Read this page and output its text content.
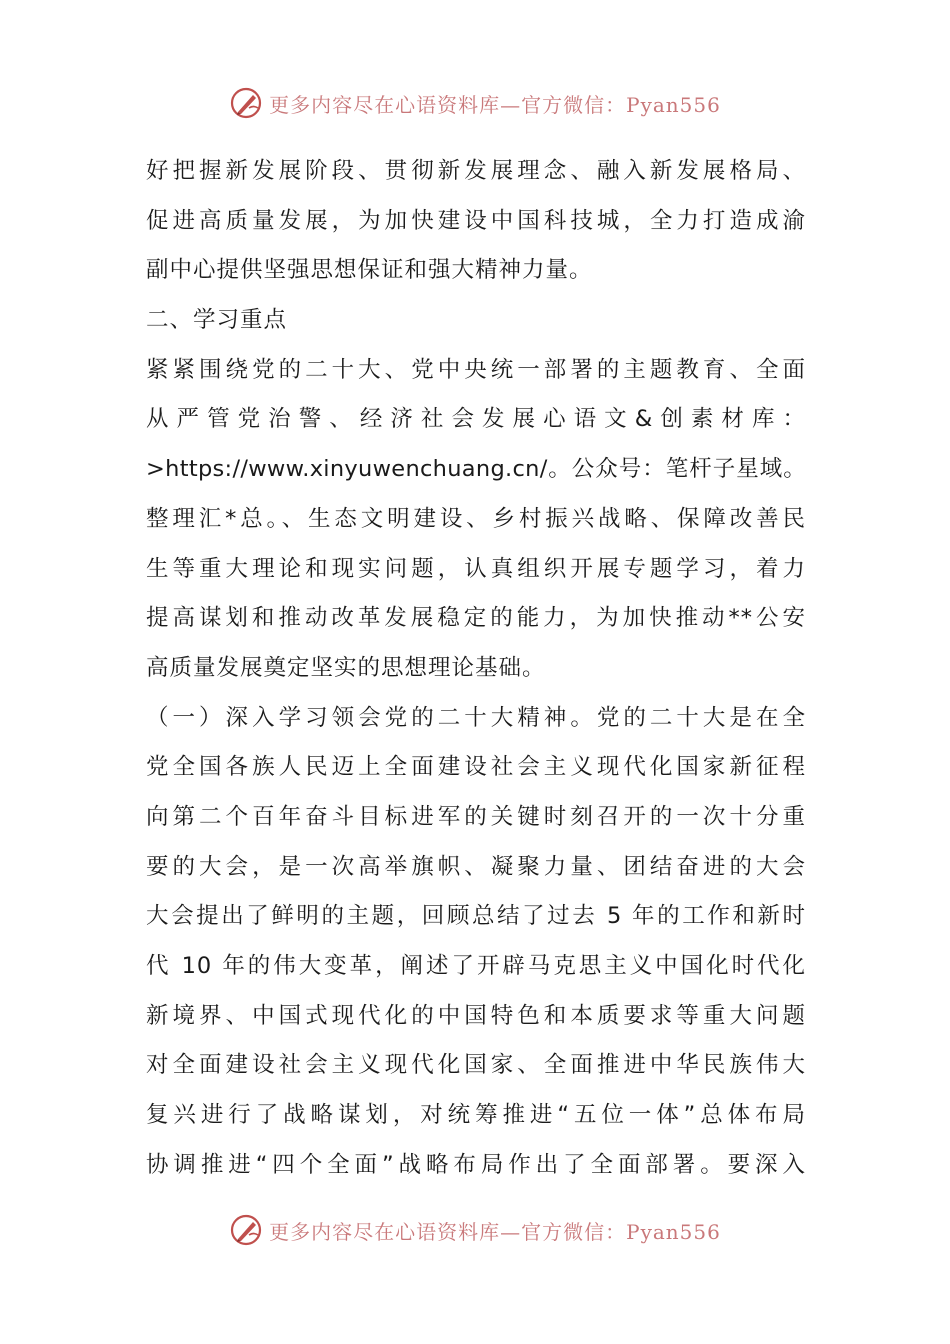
更多内容尽在心语资料库—官方微信：Pyan556
好把握新发展阶段、贯彻新发展理念、融入新发展格局、
促进高质量发展，为加快建设中国科技城，全力打造成渝
副中心提供坚强思想保证和强大精神力量。
二、学习重点
紧紧围绕党的二十大、党中央统一部署的主题教育、全面
从严管党治警、经济社会发展心语文&创素材库：
>https://www.xinyuwenchuang.cn/。公众号：笔杆子星域。
整理汇*总。、生态文明建设、乡村振兴战略、保障改善民
生等重大理论和现实问题，认真组织开展专题学习，着力
提高谋划和推动改革发展稳定的能力，为加快推动**公安
高质量发展奠定坚实的思想理论基础。
（一）深入学习领会党的二十大精神。党的二十大是在全
党全国各族人民迈上全面建设社会主义现代化国家新征程
向第二个百年奋斗目标进军的关键时刻召开的一次十分重
要的大会，是一次高举旗帜、凝聚力量、团结奋进的大会
大会提出了鲜明的主题，回顾总结了过去 5 年的工作和新时
代 10 年的伟大变革，阐述了开辟马克思主义中国化时代化
新境界、中国式现代化的中国特色和本质要求等重大问题
对全面建设社会主义现代化国家、全面推进中华民族伟大
复兴进行了战略谋划，对统筹推进“五位一体”总体布局
协调推进“四个全面”战略布局作出了全面部署。要深入
更多内容尽在心语资料库—官方微信：Pyan556
